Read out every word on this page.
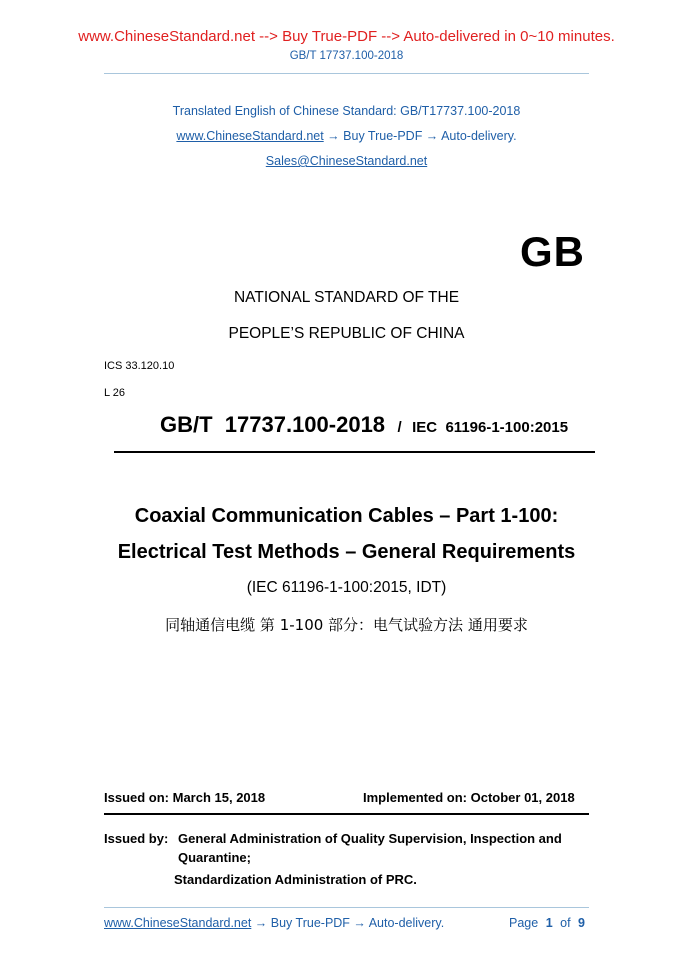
www.ChineseStandard.net --> Buy True-PDF --> Auto-delivered in 0~10 minutes.
GB/T 17737.100-2018
Translated English of Chinese Standard: GB/T17737.100-2018
www.ChineseStandard.net → Buy True-PDF → Auto-delivery.
Sales@ChineseStandard.net
GB
NATIONAL STANDARD OF THE
PEOPLE’S REPUBLIC OF CHINA
ICS 33.120.10
L 26
GB/T  17737.100-2018 / IEC  61196-1-100:2015
Coaxial Communication Cables – Part 1-100:
Electrical Test Methods – General Requirements
(IEC 61196-1-100:2015, IDT)
同轴通信电缆 第 1-100 部分：电气试验方法 通用要求
Issued on: March 15, 2018	Implemented on: October 01, 2018
Issued by: General Administration of Quality Supervision, Inspection and
Quarantine;
Standardization Administration of PRC.
www.ChineseStandard.net → Buy True-PDF → Auto-delivery.	Page 1 of 9
